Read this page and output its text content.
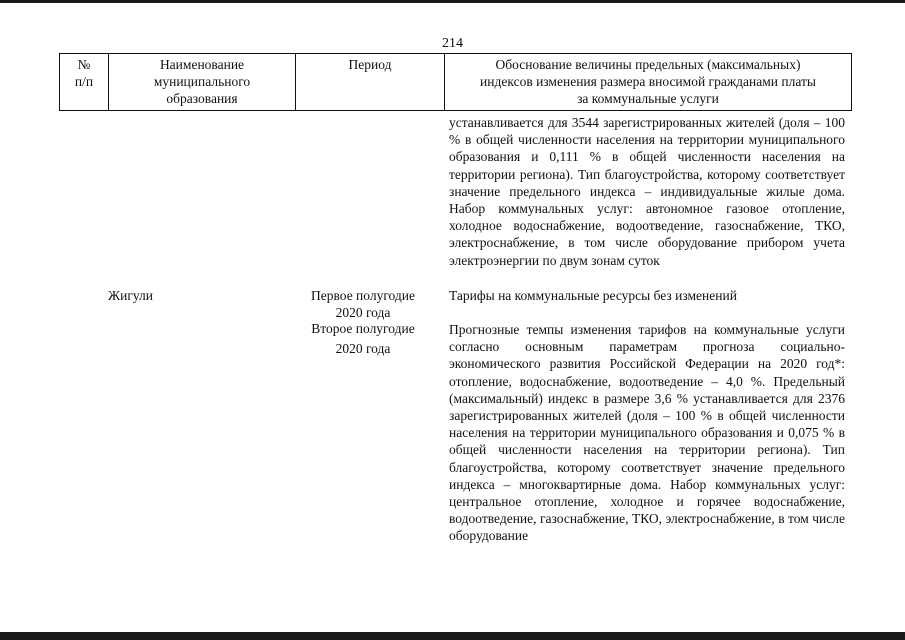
214
№
п/п
Наименование
муниципального
образования
Период	Обоснование величины предельных (максимальных)
индексов изменения размера вносимой гражданами платы
за коммунальные услуги
устанавливается для 3544 зарегистрированных жителей (доля – 100 % в общей численности населения на территории муниципального образования и 0,111 % в общей численности населения на территории региона). Тип благоустройства, которому соответствует значение предельного индекса – индивидуальные жилые дома. Набор коммунальных услуг: автономное газовое отопление, холодное водоснабжение, водоотведение, газоснабжение, ТКО, электроснабжение, в том числе оборудование прибором учета электроэнергии по двум зонам суток
Жигули	Первое полугодие
2020 года
Тарифы на коммунальные ресурсы без изменений
Второе полугодие
2020 года
Прогнозные темпы изменения тарифов на коммунальные услуги согласно основным параметрам прогноза социально-экономического развития Российской Федерации на 2020 год*: отопление, водоснабжение, водоотведение – 4,0 %. Предельный (максимальный) индекс в размере 3,6 % устанавливается для 2376 зарегистрированных жителей (доля – 100 % в общей численности населения на территории муниципального образования и 0,075 % в общей численности населения на территории региона). Тип благоустройства, которому соответствует значение предельного индекса – многоквартирные дома. Набор коммунальных услуг: центральное отопление, холодное и горячее водоснабжение, водоотведение, газоснабжение, ТКО, электроснабжение, в том числе оборудование
